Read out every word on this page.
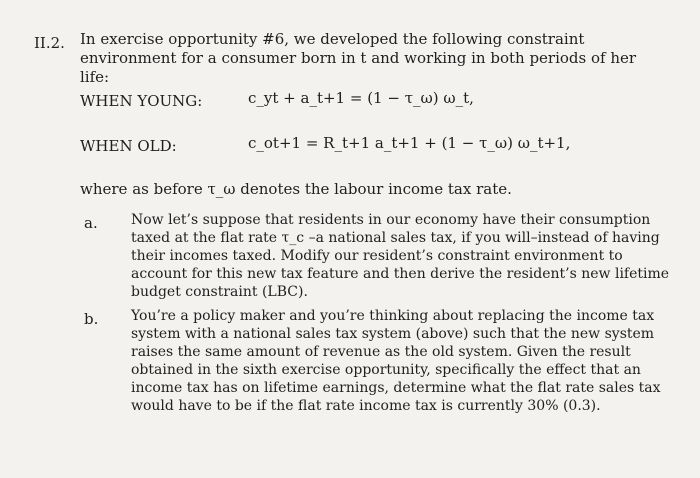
II.2. In exercise opportunity #6, we developed the following constraint environment for a consumer born in t and working in both periods of her life:
WHEN YOUNG:	c_yt + a_t+1 = (1 − τ_ω) ω_t,
WHEN OLD:	c_ot+1 = R_t+1 a_t+1 + (1 − τ_ω) ω_t+1,
where as before τ_ω denotes the labour income tax rate.
a. Now let’s suppose that residents in our economy have their consumption taxed at the flat rate τ_c –a national sales tax, if you will–instead of having their incomes taxed. Modify our resident’s constraint environment to account for this new tax feature and then derive the resident’s new lifetime budget constraint (LBC).
b. You’re a policy maker and you’re thinking about replacing the income tax system with a national sales tax system (above) such that the new system raises the same amount of revenue as the old system. Given the result obtained in the sixth exercise opportunity, specifically the effect that an income tax has on lifetime earnings, determine what the flat rate sales tax would have to be if the flat rate income tax is currently 30% (0.3).
